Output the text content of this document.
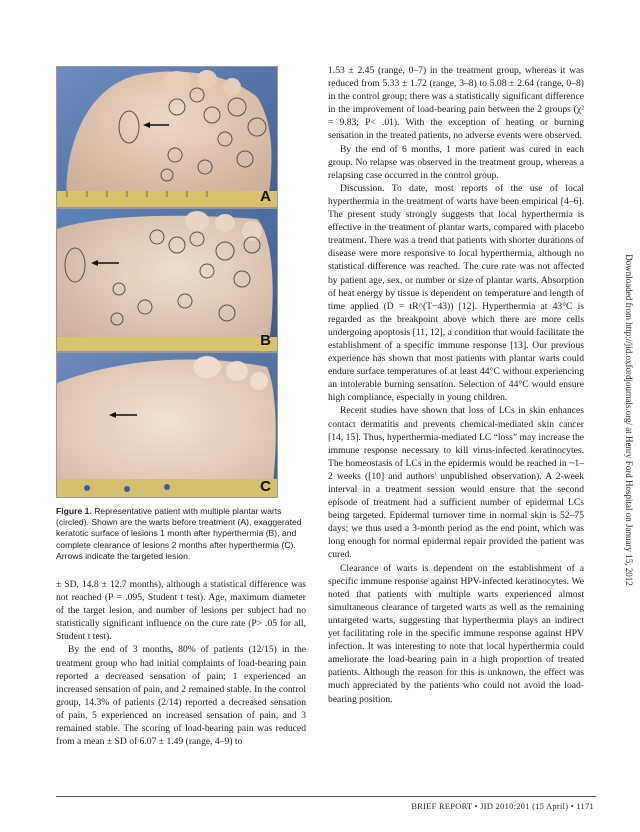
A
B
C
Figure 1. Representative patient with multiple plantar warts (circled). Shown are the warts before treatment (A), exaggerated keratotic surface of lesions 1 month after hyperthermia (B), and complete clearance of lesions 2 months after hyperthermia (C). Arrows indicate the targeted lesion.

± SD, 14.8 ± 12.7 months), although a statistical difference was not reached (P = .095, Student t test). Age, maximum diameter of the target lesion, and number of lesions per subject had no statistically significant influence on the cure rate (P> .05 for all, Student t test).

By the end of 3 months, 80% of patients (12/15) in the treatment group who had initial complaints of load-bearing pain reported a decreased sensation of pain; 1 experienced an increased sensation of pain, and 2 remained stable. In the control group, 14.3% of patients (2/14) reported a decreased sensation of pain, 5 experienced an increased sensation of pain, and 3 remained stable. The scoring of load-bearing pain was reduced from a mean ± SD of 6.07 ± 1.49 (range, 4–9) to

1.53 ± 2.45 (range, 0–7) in the treatment group, whereas it was reduced from 5.33 ± 1.72 (range, 3–8) to 5.08 ± 2.64 (range, 0–8) in the control group; there was a statistically significant difference in the improvement of load-bearing pain between the 2 groups (χ² = 9.83; P< .01). With the exception of heating or burning sensation in the treated patients, no adverse events were observed.

By the end of 6 months, 1 more patient was cured in each group. No relapse was observed in the treatment group, whereas a relapsing case occurred in the control group.

Discussion. To date, most reports of the use of local hyperthermia in the treatment of warts have been empirical [4–6]. The present study strongly suggests that local hyperthermia is effective in the treatment of plantar warts, compared with placebo treatment. There was a trend that patients with shorter durations of disease were more responsive to local hyperthermia, although no statistical difference was reached. The cure rate was not affected by patient age, sex, or number or size of plantar warts. Absorption of heat energy by tissue is dependent on temperature and length of time applied (D = tR^(T−43)) [12]. Hyperthermia at 43°C is regarded as the breakpoint above which there are more cells undergoing apoptosis [11, 12], a condition that would facilitate the establishment of a specific immune response [13]. Our previous experience has shown that most patients with plantar warts could endure surface temperatures of at least 44°C without experiencing an intolerable burning sensation. Selection of 44°C would ensure high compliance, especially in young children.

Recent studies have shown that loss of LCs in skin enhances contact dermatitis and prevents chemical-mediated skin cancer [14, 15]. Thus, hyperthermia-mediated LC “loss” may increase the immune response necessary to kill virus-infected keratinocytes. The homeostasis of LCs in the epidermis would be reached in ~1–2 weeks ([10] and authors' unpublished observation). A 2-week interval in a treatment session would ensure that the second episode of treatment had a sufficient number of epidermal LCs being targeted. Epidermal turnover time in normal skin is 52–75 days; we thus used a 3-month period as the end point, which was long enough for normal epidermal repair provided the patient was cured.

Clearance of warts is dependent on the establishment of a specific immune response against HPV-infected keratinocytes. We noted that patients with multiple warts experienced almost simultaneous clearance of targeted warts as well as the remaining untargeted warts, suggesting that hyperthermia plays an indirect yet facilitating role in the specific immune response against HPV infection. It was interesting to note that local hyperthermia could ameliorate the load-bearing pain in a high proportion of treated patients. Although the reason for this is unknown, the effect was much appreciated by the patients who could not avoid the load-bearing position.

Downloaded from http://jid.oxfordjournals.org/ at Henry Ford Hospital on January 15, 2012
BRIEF REPORT • JID 2010:201 (15 April) • 1171
